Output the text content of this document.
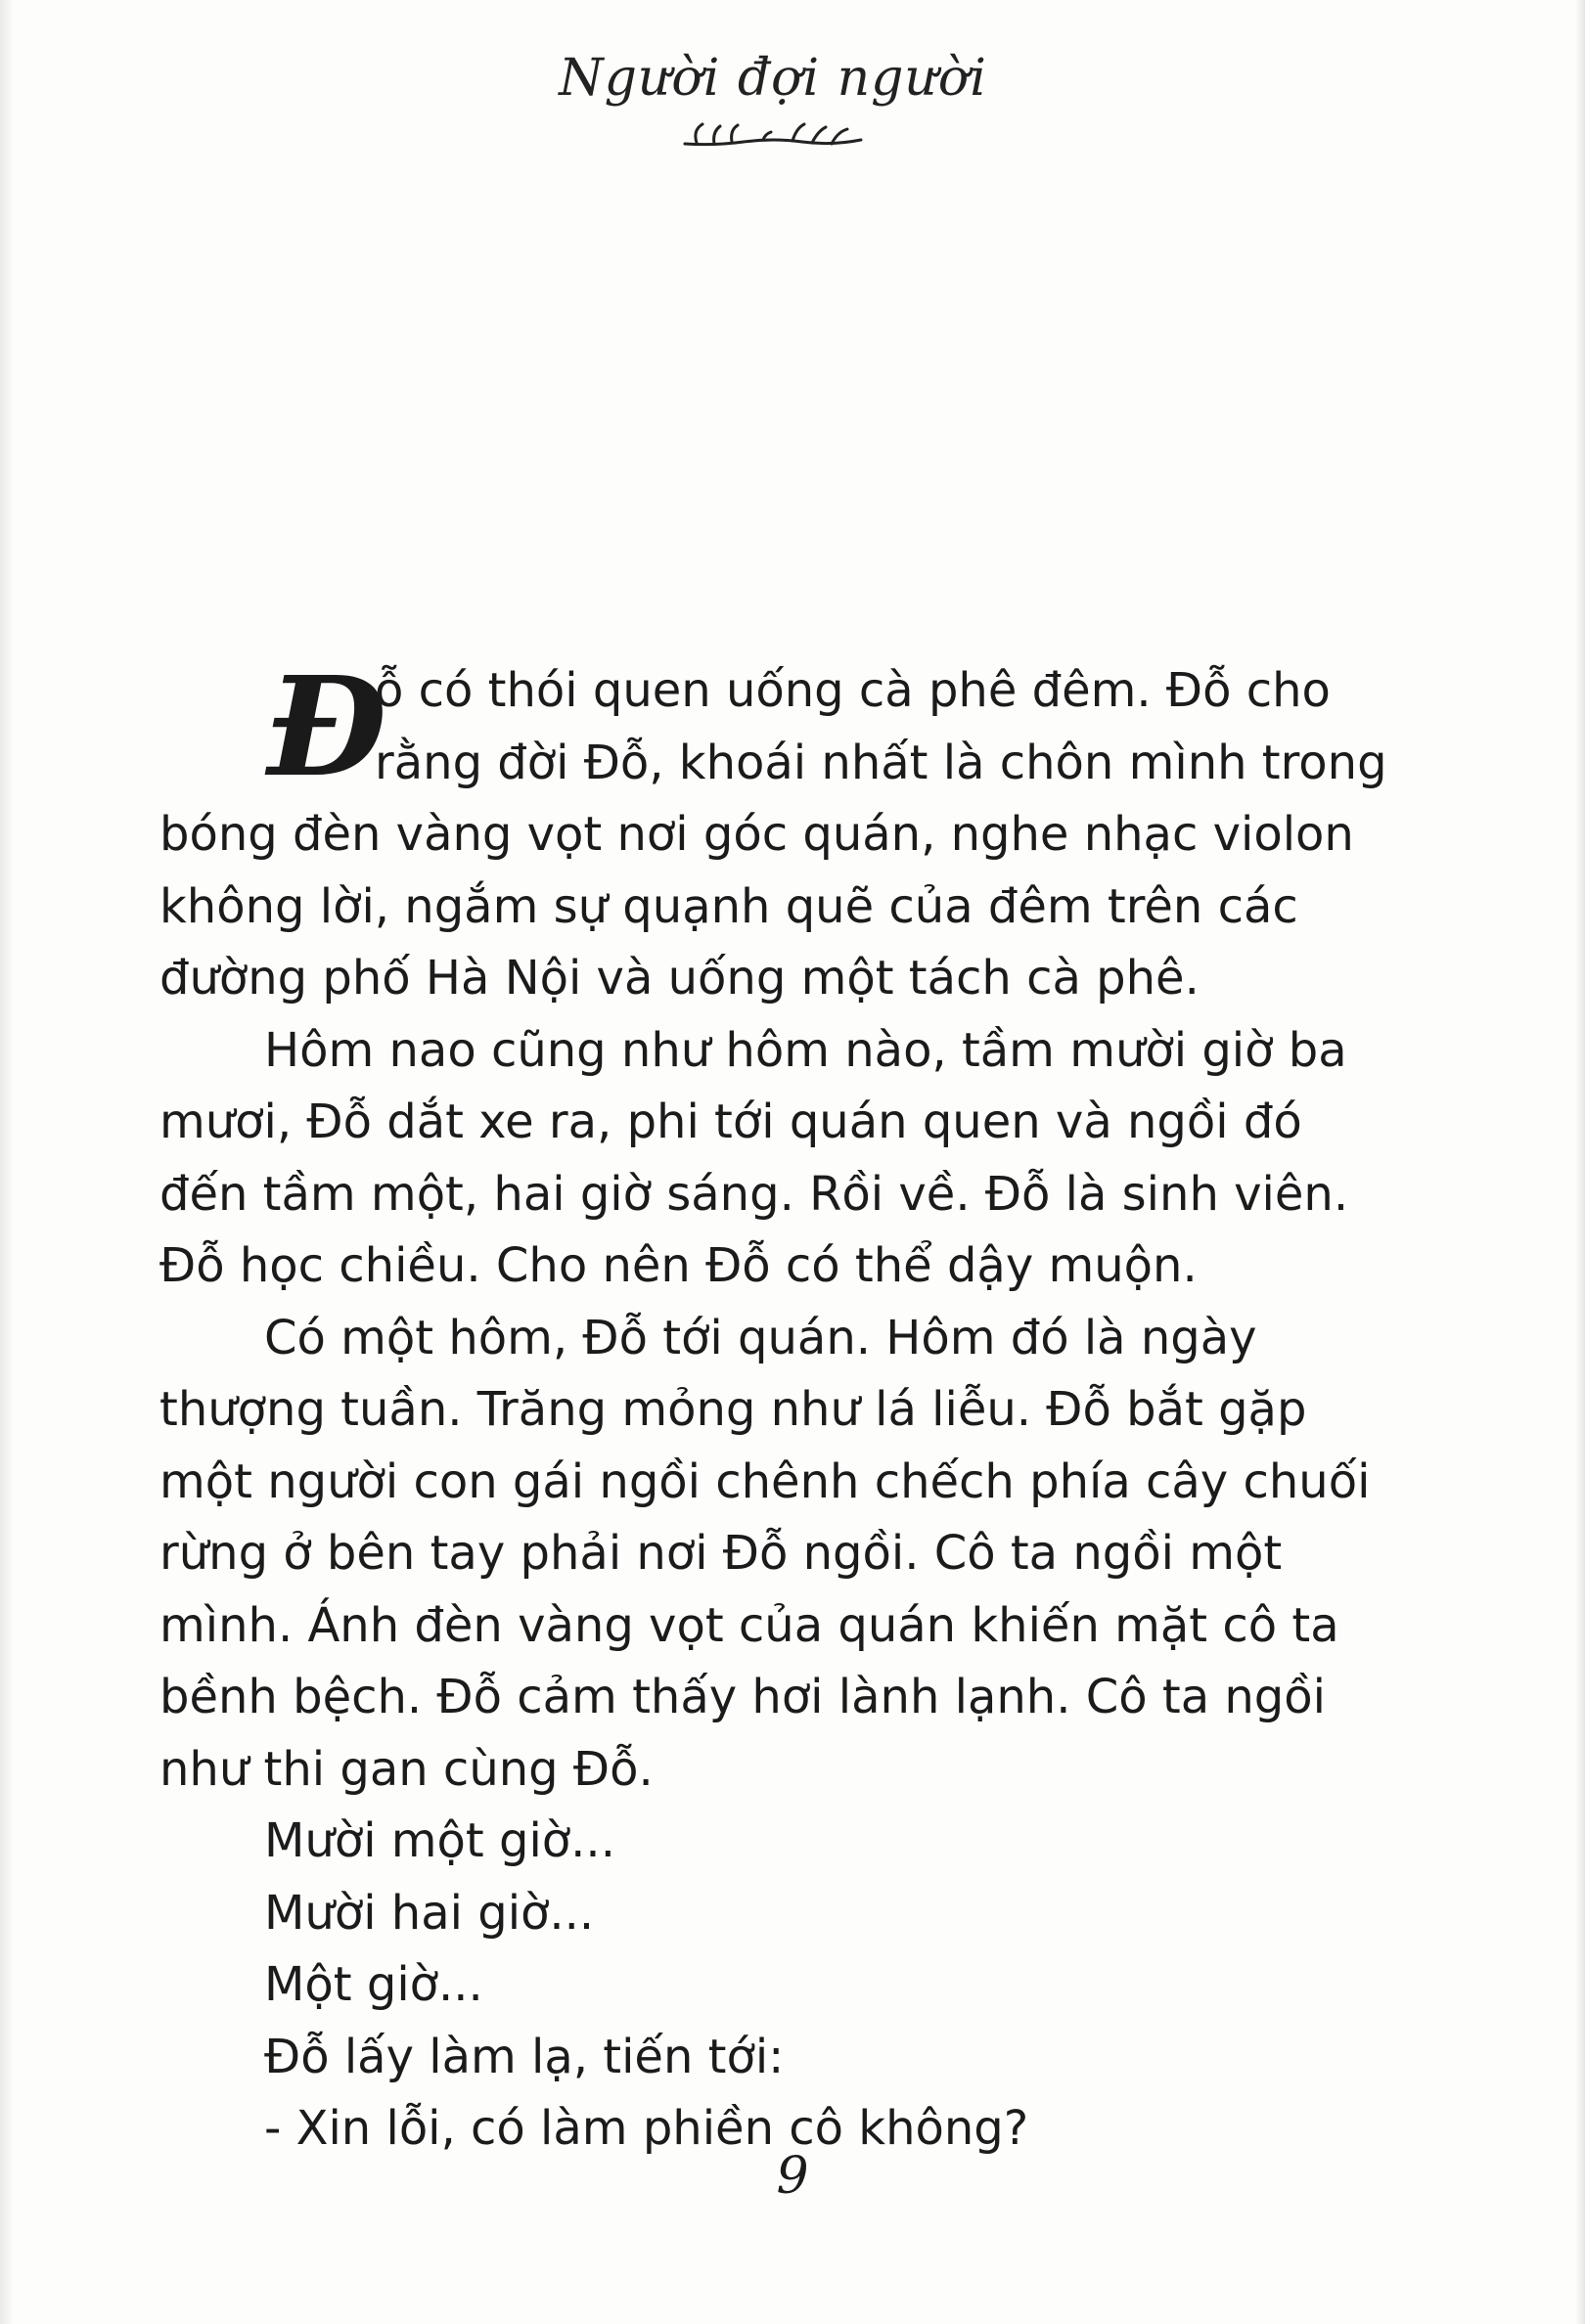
Người đợi người

Đ
ỗ có thói quen uống cà phê đêm. Đỗ cho rằng đời Đỗ, khoái nhất là chôn mình trong bóng đèn vàng vọt nơi góc quán, nghe nhạc violon không lời, ngắm sự quạnh quẽ của đêm trên các đường phố Hà Nội và uống một tách cà phê.

Hôm nao cũng như hôm nào, tầm mười giờ ba mươi, Đỗ dắt xe ra, phi tới quán quen và ngồi đó đến tầm một, hai giờ sáng. Rồi về. Đỗ là sinh viên. Đỗ học chiều. Cho nên Đỗ có thể dậy muộn.

Có một hôm, Đỗ tới quán. Hôm đó là ngày thượng tuần. Trăng mỏng như lá liễu. Đỗ bắt gặp một người con gái ngồi chênh chếch phía cây chuối rừng ở bên tay phải nơi Đỗ ngồi. Cô ta ngồi một mình. Ánh đèn vàng vọt của quán khiến mặt cô ta bềnh bệch. Đỗ cảm thấy hơi lành lạnh. Cô ta ngồi như thi gan cùng Đỗ.

Mười một giờ...

Mười hai giờ...

Một giờ...

Đỗ lấy làm lạ, tiến tới:

- Xin lỗi, có làm phiền cô không?

9
